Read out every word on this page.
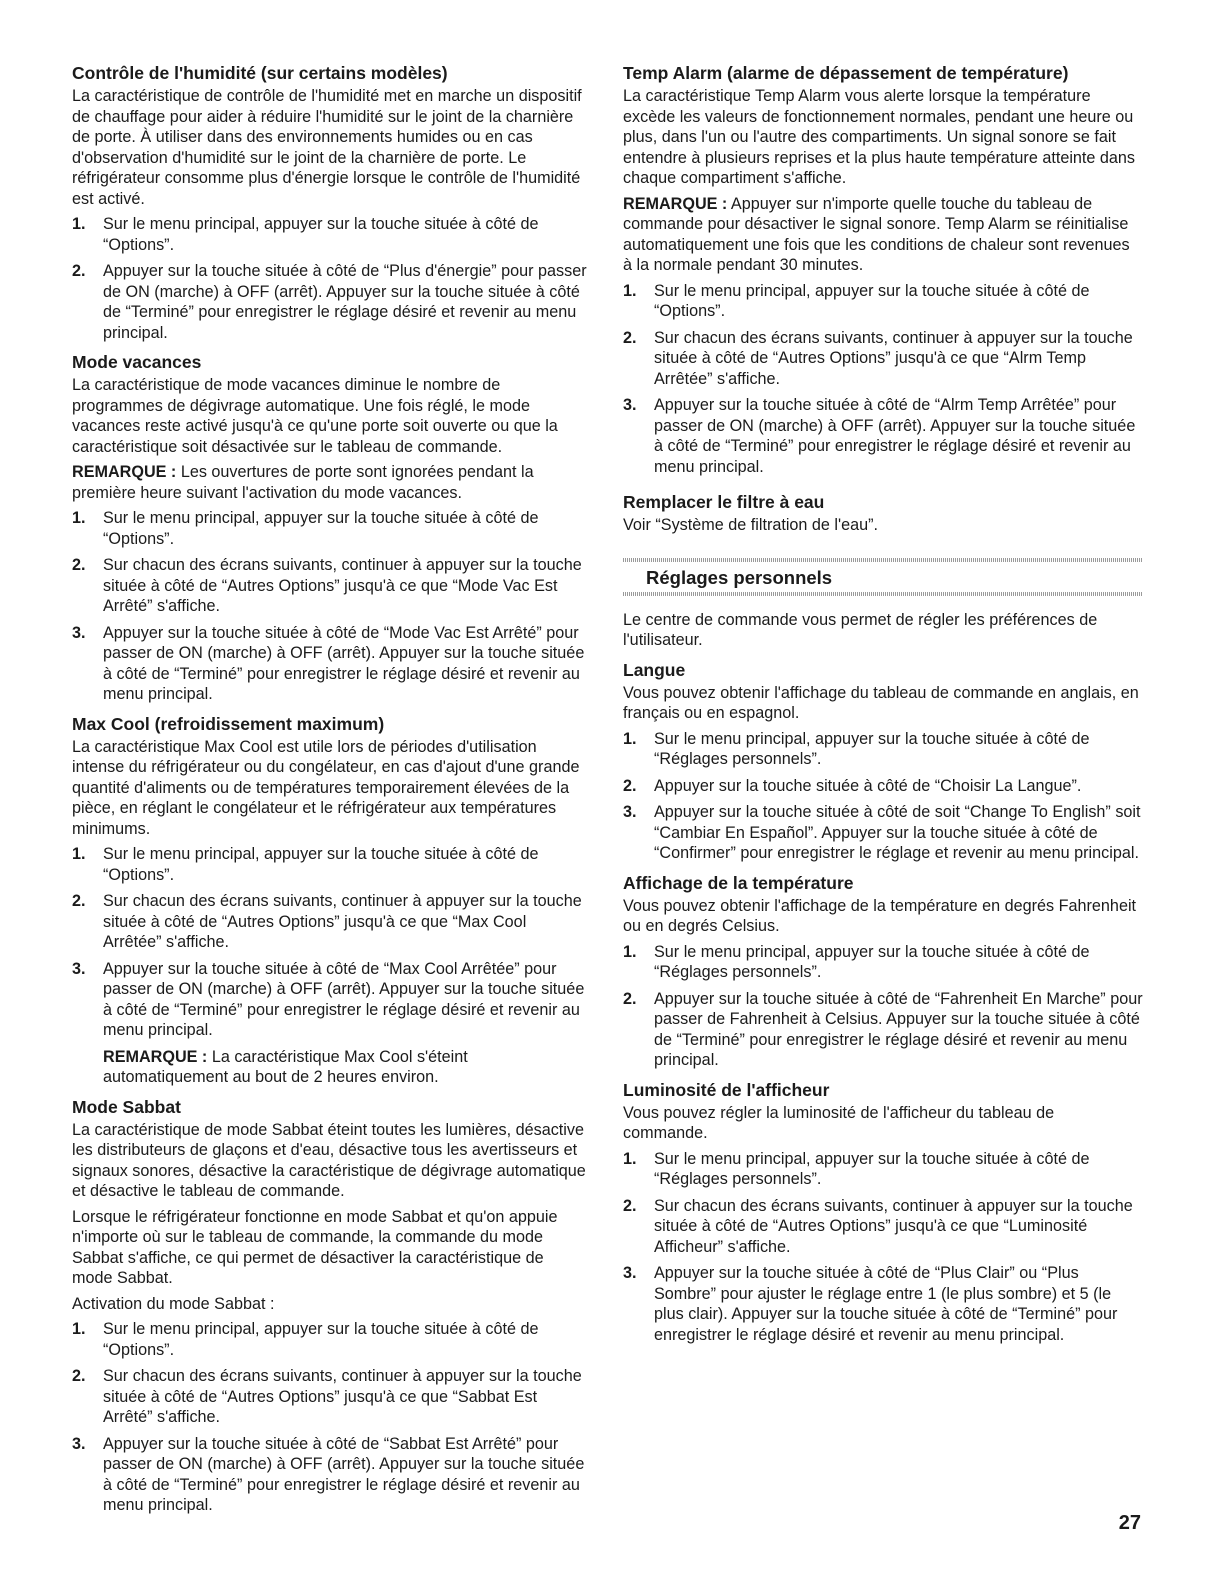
Contrôle de l'humidité (sur certains modèles)

La caractéristique de contrôle de l'humidité met en marche un dispositif de chauffage pour aider à réduire l'humidité sur le joint de la charnière de porte. À utiliser dans des environnements humides ou en cas d'observation d'humidité sur le joint de la charnière de porte. Le réfrigérateur consomme plus d'énergie lorsque le contrôle de l'humidité est activé.

1. Sur le menu principal, appuyer sur la touche située à côté de “Options”.
2. Appuyer sur la touche située à côté de “Plus d'énergie” pour passer de ON (marche) à OFF (arrêt). Appuyer sur la touche située à côté de “Terminé” pour enregistrer le réglage désiré et revenir au menu principal.
Mode vacances

La caractéristique de mode vacances diminue le nombre de programmes de dégivrage automatique. Une fois réglé, le mode vacances reste activé jusqu'à ce qu'une porte soit ouverte ou que la caractéristique soit désactivée sur le tableau de commande.

REMARQUE : Les ouvertures de porte sont ignorées pendant la première heure suivant l'activation du mode vacances.

1. Sur le menu principal, appuyer sur la touche située à côté de “Options”.
2. Sur chacun des écrans suivants, continuer à appuyer sur la touche située à côté de “Autres Options” jusqu'à ce que “Mode Vac Est Arrêté” s'affiche.
3. Appuyer sur la touche située à côté de “Mode Vac Est Arrêté” pour passer de ON (marche) à OFF (arrêt). Appuyer sur la touche située à côté de “Terminé” pour enregistrer le réglage désiré et revenir au menu principal.
Max Cool (refroidissement maximum)

La caractéristique Max Cool est utile lors de périodes d'utilisation intense du réfrigérateur ou du congélateur, en cas d'ajout d'une grande quantité d'aliments ou de températures temporairement élevées de la pièce, en réglant le congélateur et le réfrigérateur aux températures minimums.

1. Sur le menu principal, appuyer sur la touche située à côté de “Options”.
2. Sur chacun des écrans suivants, continuer à appuyer sur la touche située à côté de “Autres Options” jusqu'à ce que “Max Cool Arrêtée” s'affiche.
3. Appuyer sur la touche située à côté de “Max Cool Arrêtée” pour passer de ON (marche) à OFF (arrêt). Appuyer sur la touche située à côté de “Terminé” pour enregistrer le réglage désiré et revenir au menu principal.
REMARQUE : La caractéristique Max Cool s'éteint automatiquement au bout de 2 heures environ.
Mode Sabbat

La caractéristique de mode Sabbat éteint toutes les lumières, désactive les distributeurs de glaçons et d'eau, désactive tous les avertisseurs et signaux sonores, désactive la caractéristique de dégivrage automatique et désactive le tableau de commande.

Lorsque le réfrigérateur fonctionne en mode Sabbat et qu'on appuie n'importe où sur le tableau de commande, la commande du mode Sabbat s'affiche, ce qui permet de désactiver la caractéristique de mode Sabbat.

Activation du mode Sabbat :

1. Sur le menu principal, appuyer sur la touche située à côté de “Options”.
2. Sur chacun des écrans suivants, continuer à appuyer sur la touche située à côté de “Autres Options” jusqu'à ce que “Sabbat Est Arrêté” s'affiche.
3. Appuyer sur la touche située à côté de “Sabbat Est Arrêté” pour passer de ON (marche) à OFF (arrêt). Appuyer sur la touche située à côté de “Terminé” pour enregistrer le réglage désiré et revenir au menu principal.
Temp Alarm (alarme de dépassement de température)

La caractéristique Temp Alarm vous alerte lorsque la température excède les valeurs de fonctionnement normales, pendant une heure ou plus, dans l'un ou l'autre des compartiments. Un signal sonore se fait entendre à plusieurs reprises et la plus haute température atteinte dans chaque compartiment s'affiche.

REMARQUE : Appuyer sur n'importe quelle touche du tableau de commande pour désactiver le signal sonore. Temp Alarm se réinitialise automatiquement une fois que les conditions de chaleur sont revenues à la normale pendant 30 minutes.

1. Sur le menu principal, appuyer sur la touche située à côté de “Options”.
2. Sur chacun des écrans suivants, continuer à appuyer sur la touche située à côté de “Autres Options” jusqu'à ce que “Alrm Temp Arrêtée” s'affiche.
3. Appuyer sur la touche située à côté de “Alrm Temp Arrêtée” pour passer de ON (marche) à OFF (arrêt). Appuyer sur la touche située à côté de “Terminé” pour enregistrer le réglage désiré et revenir au menu principal.
Remplacer le filtre à eau

Voir “Système de filtration de l'eau”.

Réglages personnels

Le centre de commande vous permet de régler les préférences de l'utilisateur.

Langue

Vous pouvez obtenir l'affichage du tableau de commande en anglais, en français ou en espagnol.

1. Sur le menu principal, appuyer sur la touche située à côté de “Réglages personnels”.
2. Appuyer sur la touche située à côté de “Choisir La Langue”.
3. Appuyer sur la touche située à côté de soit “Change To English” soit “Cambiar En Español”. Appuyer sur la touche située à côté de “Confirmer” pour enregistrer le réglage et revenir au menu principal.
Affichage de la température

Vous pouvez obtenir l'affichage de la température en degrés Fahrenheit ou en degrés Celsius.

1. Sur le menu principal, appuyer sur la touche située à côté de “Réglages personnels”.
2. Appuyer sur la touche située à côté de “Fahrenheit En Marche” pour passer de Fahrenheit à Celsius. Appuyer sur la touche située à côté de “Terminé” pour enregistrer le réglage désiré et revenir au menu principal.
Luminosité de l'afficheur

Vous pouvez régler la luminosité de l'afficheur du tableau de commande.

1. Sur le menu principal, appuyer sur la touche située à côté de “Réglages personnels”.
2. Sur chacun des écrans suivants, continuer à appuyer sur la touche située à côté de “Autres Options” jusqu'à ce que “Luminosité Afficheur” s'affiche.
3. Appuyer sur la touche située à côté de “Plus Clair” ou “Plus Sombre” pour ajuster le réglage entre 1 (le plus sombre) et 5 (le plus clair). Appuyer sur la touche située à côté de “Terminé” pour enregistrer le réglage désiré et revenir au menu principal.
27
